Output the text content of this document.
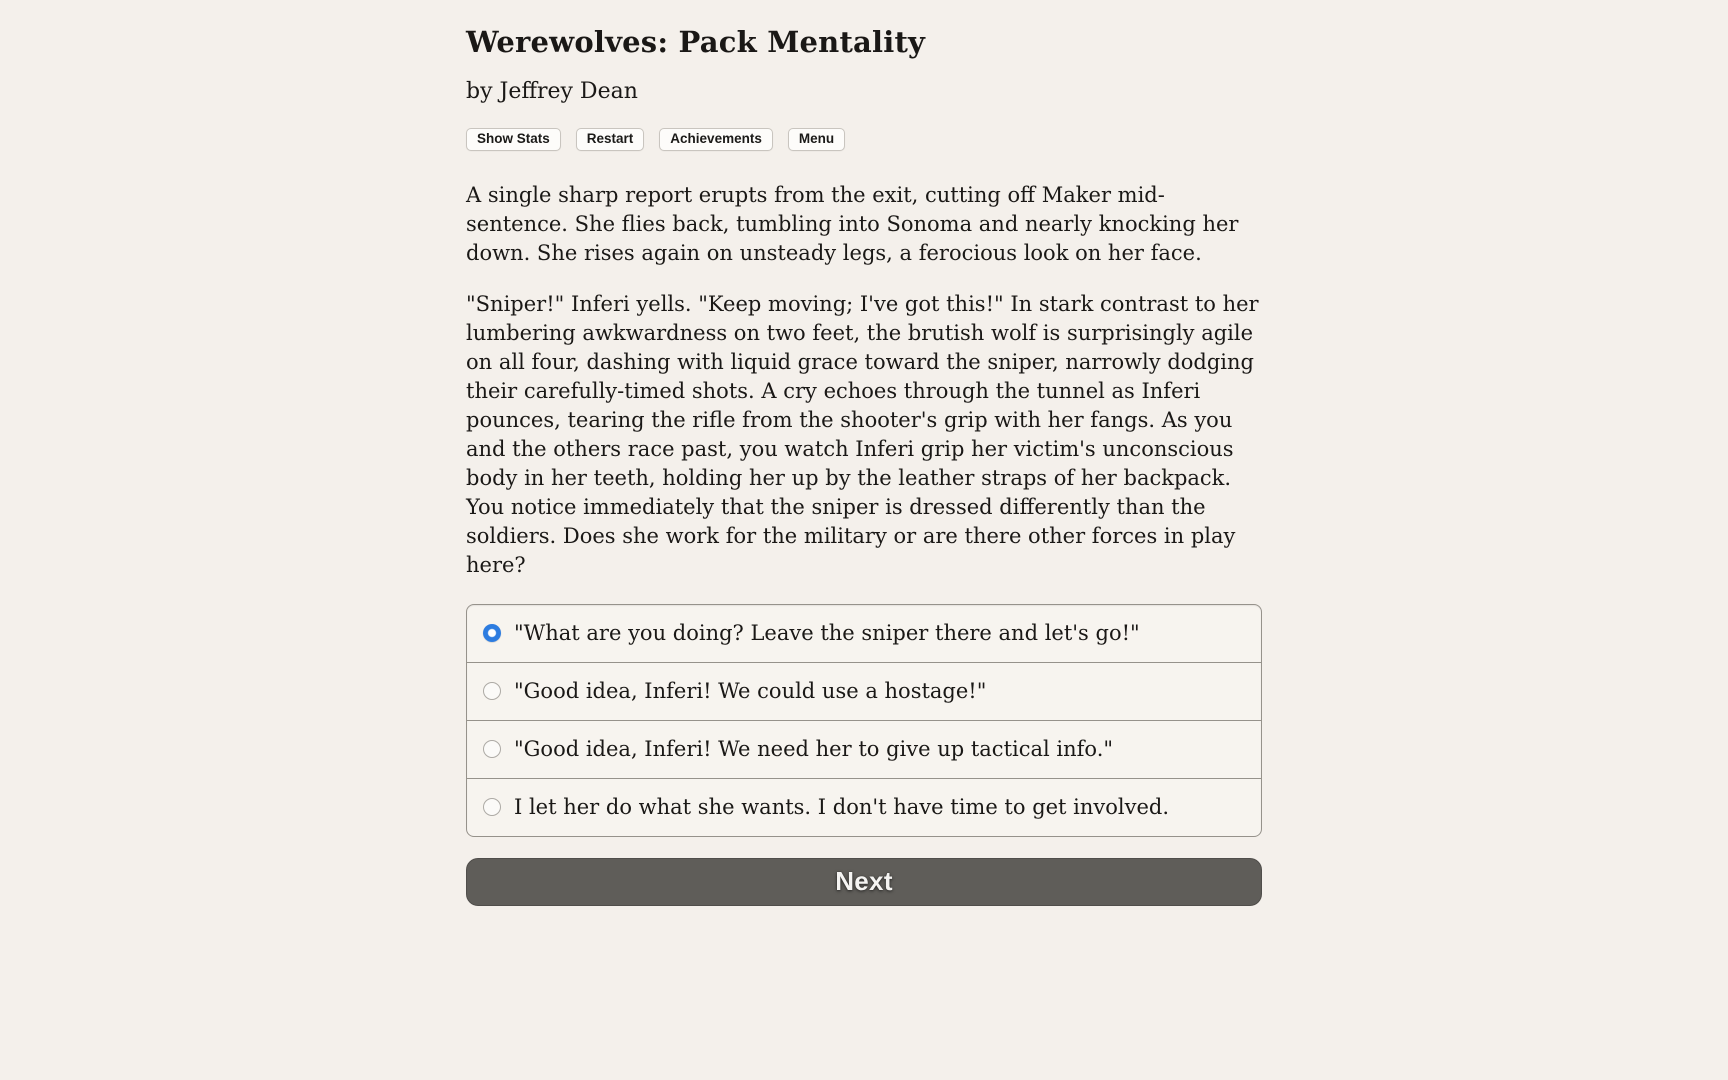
Werewolves: Pack Mentality
by Jeffrey Dean
Show Stats	Restart	Achievements	Menu

A single sharp report erupts from the exit, cutting off Maker mid-sentence. She flies back, tumbling into Sonoma and nearly knocking her down. She rises again on unsteady legs, a ferocious look on her face.

"Sniper!" Inferi yells. "Keep moving; I've got this!" In stark contrast to her lumbering awkwardness on two feet, the brutish wolf is surprisingly agile on all four, dashing with liquid grace toward the sniper, narrowly dodging their carefully-timed shots. A cry echoes through the tunnel as Inferi pounces, tearing the rifle from the shooter's grip with her fangs. As you and the others race past, you watch Inferi grip her victim's unconscious body in her teeth, holding her up by the leather straps of her backpack. You notice immediately that the sniper is dressed differently than the soldiers. Does she work for the military or are there other forces in play here?

"What are you doing? Leave the sniper there and let's go!"
"Good idea, Inferi! We could use a hostage!"
"Good idea, Inferi! We need her to give up tactical info."
I let her do what she wants. I don't have time to get involved.
Next
